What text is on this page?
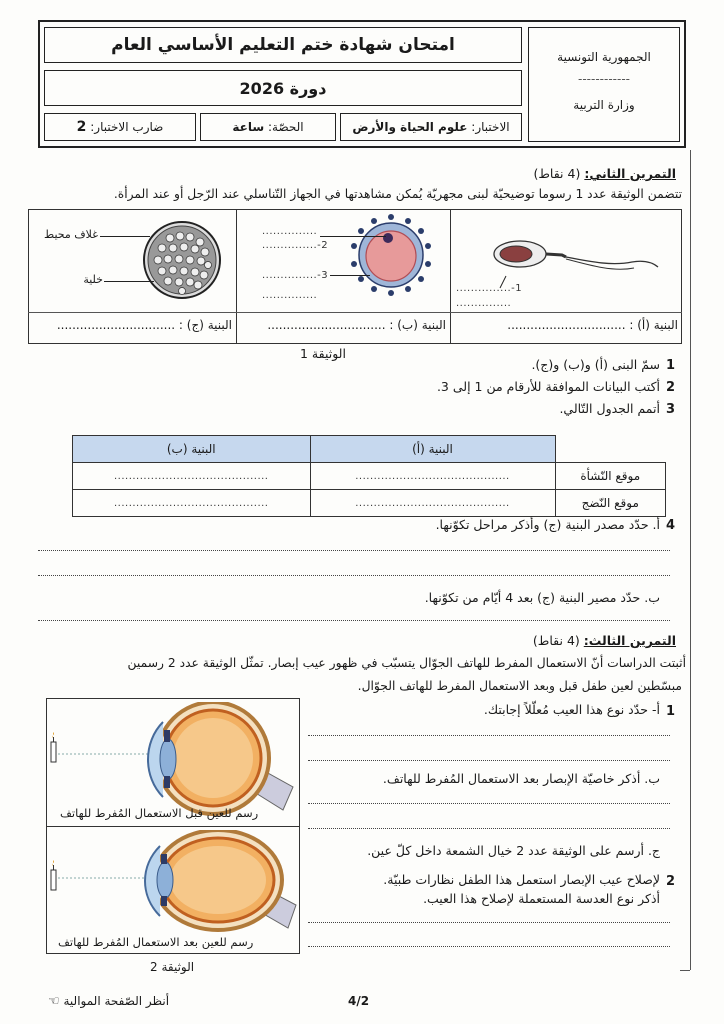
امتحان شهادة ختم التعليم الأساسي العام
دورة 2026
الجمهورية التونسية
------------
وزارة التربية
الاختبار:

علوم الحياة والأرض
الحصّة:

ساعة
ضارب الاختبار:

2
التمرين الثاني: (4 نقاط)
تتضمن الوثيقة عدد 1 رسوما توضيحيّة لبنى مجهريّة يُمكن مشاهدتها في الجهاز التّناسلي عند الرّجل أو عند المرأة.
غلاف محيط
خلية
...............
...............-2
...............-3
...............
...............-1
...............
البنية (أ) : ...............................
البنية (ب) : ...............................
البنية (ج) : ...............................
الوثيقة 1
1
سمّ البنى (أ) و(ب) و(ج).
2
أكتب البيانات الموافقة للأرقام من 1 إلى 3.
3
أتمم الجدول التّالي.
	البنية (أ)	البنية (ب)
موقع النّشأة	..........................................	..........................................
موقع النّضج	..........................................	..........................................
4
أ. حدّد مصدر البنية (ج) وأذكر مراحل تكوّنها.
ب. حدّد مصير البنية (ج) بعد 4 أيّام من تكوّنها.
التمرين الثالث: (4 نقاط)
أثبتت الدراسات أنّ الاستعمال المفرط للهاتف الجوّال يتسبّب في ظهور عيب إبصار. تمثّل الوثيقة عدد 2 رسمين
مبسّطين لعين طفل قبل وبعد الاستعمال المفرط للهاتف الجوّال.
رسم للعين قبل الاستعمال المُفرط للهاتف
رسم للعين بعد الاستعمال المُفرط للهاتف
الوثيقة 2
1
أ- حدّد نوع هذا العيب مُعلّلاً إجابتك.
ب. أذكر خاصيّة الإبصار بعد الاستعمال المُفرط للهاتف.
ج. أرسم على الوثيقة عدد 2 خيال الشمعة داخل كلّ عين.
2
لإصلاح عيب الإبصار استعمل هذا الطفل نظارات طبيّة.
أذكر نوع العدسة المستعملة لإصلاح هذا العيب.
أنظر الصّفحة الموالية ☜	4/2
